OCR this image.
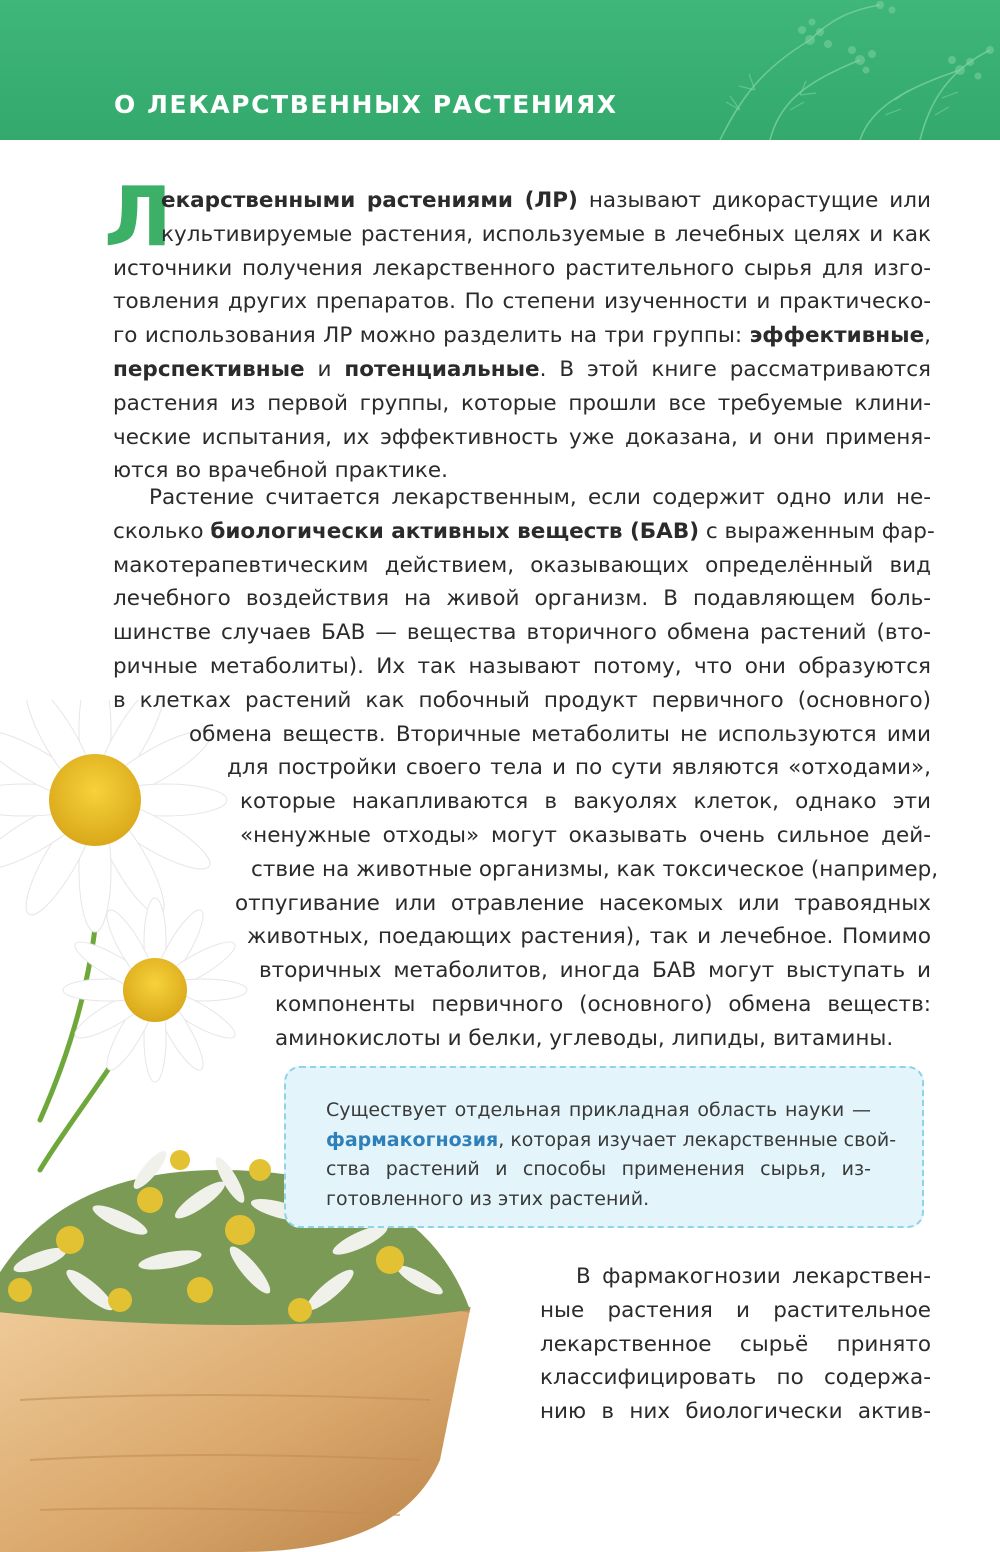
О ЛЕКАРСТВЕННЫХ РАСТЕНИЯХ
Л
екарственными растениями (ЛР) называют дикорастущие или
культивируемые растения, используемые в лечебных целях и как
источники получения лекарственного растительного сырья для изго-
товления других препаратов. По степени изученности и практическо-
го использования ЛР можно разделить на три группы: эффективные,
перспективные и потенциальные. В этой книге рассматриваются
растения из первой группы, которые прошли все требуемые клини-
ческие испытания, их эффективность уже доказана, и они применя-
ются во врачебной практике.
Растение считается лекарственным, если содержит одно или не-
сколько биологически активных веществ (БАВ) с выраженным фар-
макотерапевтическим действием, оказывающих определённый вид
лечебного воздействия на живой организм. В подавляющем боль-
шинстве случаев БАВ — вещества вторичного обмена растений (вто-
ричные метаболиты). Их так называют потому, что они образуются
в клетках растений как побочный продукт первичного (основного)
обмена веществ. Вторичные метаболиты не используются ими
для постройки своего тела и по сути являются «отходами»,
которые накапливаются в вакуолях клеток, однако эти
«ненужные отходы» могут оказывать очень сильное дей-
ствие на животные организмы, как токсическое (например,
отпугивание или отравление насекомых или травоядных
животных, поедающих растения), так и лечебное. Помимо
вторичных метаболитов, иногда БАВ могут выступать и
компоненты первичного (основного) обмена веществ:
аминокислоты и белки, углеводы, липиды, витамины.
Существует отдельная прикладная область науки —
фармакогнозия, которая изучает лекарственные свой-
ства растений и способы применения сырья, из-
готовленного из этих растений.
В фармакогнозии лекарствен-
ные растения и растительное
лекарственное сырьё принято
классифицировать по содержа-
нию в них биологически актив-
